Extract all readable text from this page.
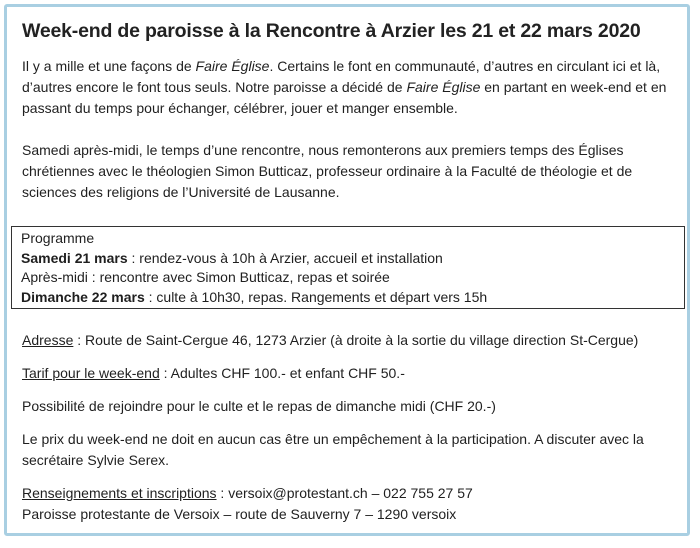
Week-end de paroisse à la Rencontre à Arzier les 21 et 22 mars 2020

Il y a mille et une façons de Faire Église. Certains le font en communauté, d’autres en circulant ici et là, d’autres encore le font tous seuls. Notre paroisse a décidé de Faire Église en partant en week-end et en passant du temps pour échanger, célébrer, jouer et manger ensemble.

Samedi après-midi, le temps d’une rencontre, nous remonterons aux premiers temps des Églises chrétiennes avec le théologien Simon Butticaz, professeur ordinaire à la Faculté de théologie et de sciences des religions de l’Université de Lausanne.

Programme
Samedi 21 mars : rendez-vous à 10h à Arzier, accueil et installation
Après-midi : rencontre avec Simon Butticaz, repas et soirée
Dimanche 22 mars : culte à 10h30, repas. Rangements et départ vers 15h
Adresse : Route de Saint-Cergue 46, 1273 Arzier (à droite à la sortie du village direction St-Cergue)
Tarif pour le week-end : Adultes CHF 100.- et enfant CHF 50.-
Possibilité de rejoindre pour le culte et le repas de dimanche midi (CHF 20.-)
Le prix du week-end ne doit en aucun cas être un empêchement à la participation. A discuter avec la secrétaire Sylvie Serex.
Renseignements et inscriptions : versoix@protestant.ch – 022 755 27 57
Paroisse protestante de Versoix – route de Sauverny 7 – 1290 versoix
